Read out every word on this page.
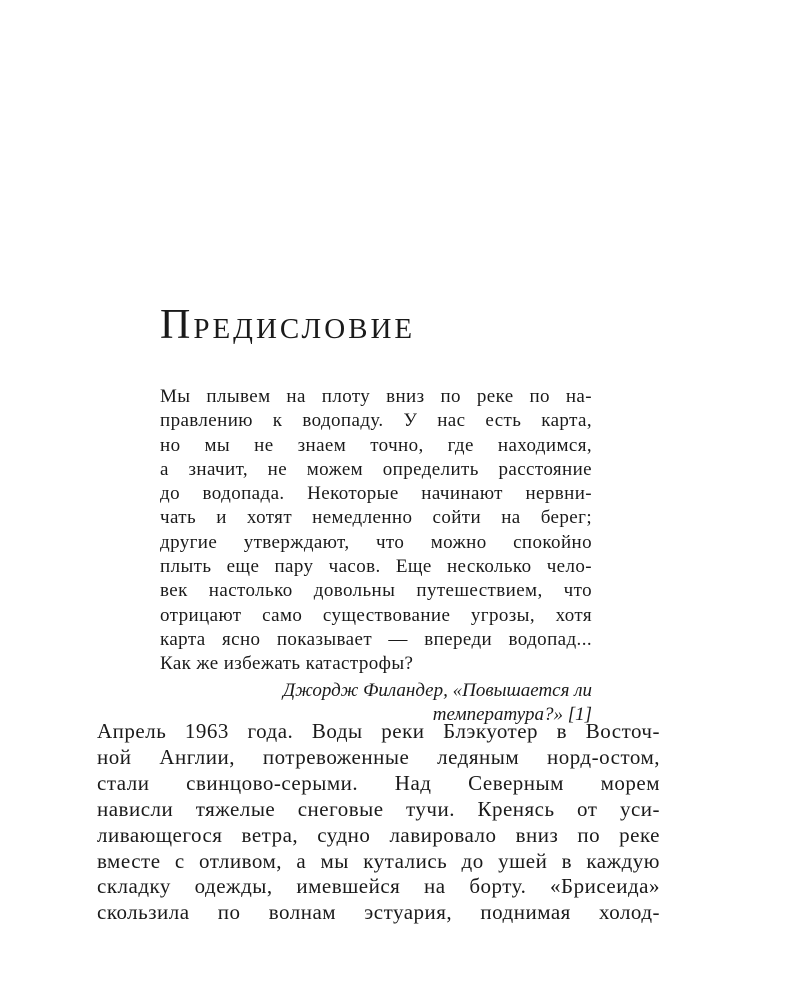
Предисловие

Мы плывем на плоту вниз по реке по на-
правлению к водопаду. У нас есть карта,
но мы не знаем точно, где находимся,
а значит, не можем определить расстояние
до водопада. Некоторые начинают нервни-
чать и хотят немедленно сойти на берег;
другие утверждают, что можно спокойно
плыть еще пару часов. Еще несколько чело-
век настолько довольны путешествием, что
отрицают само существование угрозы, хотя
карта ясно показывает — впереди водопад...
Как же избежать катастрофы?

Джордж Филандер, «Повышается ли
температура?» [1]

Апрель 1963 года. Воды реки Блэкуотер в Восточ-
ной Англии, потревоженные ледяным норд-остом,
стали свинцово-серыми. Над Северным морем
нависли тяжелые снеговые тучи. Кренясь от уси-
ливающегося ветра, судно лавировало вниз по реке
вместе с отливом, а мы кутались до ушей в каждую
складку одежды, имевшейся на борту. «Брисеида»
скользила по волнам эстуария, поднимая холод-
